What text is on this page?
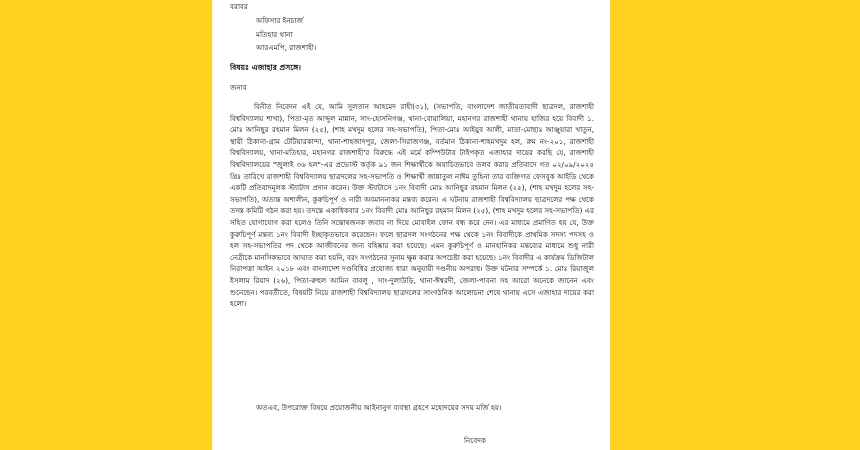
বরাবর
অফিসার ইনচার্জ
মতিহার থানা
আরএমপি, রাজশাহী।
বিষয়ঃ এজাহার প্রসঙ্গে।
জনাব
বিনীত নিবেদন এই যে, আমি সুলতান আহমেদ রাহী(৩১), (সভাপতি, বাংলাদেশ জাতীয়তাবাদী ছাত্রদল, রাজশাহী বিশ্ববিদ্যালয় শাখা), পিতা-মৃত আব্দুল মান্নান, সাং-হোসনিগঞ্জ, থানা-বোয়ালিয়া, মহানগর রাজশাহী থানায় হাজির হয়ে বিবাদী ১. মোঃ আনিছুর রহমান মিলন (২৫), (শাহ মখদুম হলের সহ-সভাপতি), পিতা-মোঃ আইয়ুব আলী, মাতা-মোছাঃ আঞ্জুয়ারা খাতুন, স্থায়ী ঠিকানা-গ্রাম টেটিয়ারকান্দা, থানা-শাহজাদপুর, জেলা-সিরাজগঞ্জ, বর্তমান ঠিকানা-শাহমখদুম হল, রুম নং-২০১, রাজশাহী বিশ্ববিদ্যালয়, থানা-মতিহার, মহানগর রাজশাহী'র বিরুদ্ধে এই মর্মে কম্পিউটার টাইপকৃত এজাহার দায়ের করছি যে, রাজশাহী বিশ্ববিদ্যালয়ের "জুলাই ৩৬ হল"-এর প্রভোস্ট কর্তৃক ৯১ জন শিক্ষার্থীকে অযাচিতভাবে তলব করার প্রতিবাদে গত ০২/০৯/২০২৫ খ্রিঃ তারিখে রাজশাহী বিশ্ববিদ্যালয় ছাত্রদলের সহ-সভাপতি ও শিক্ষার্থী জান্নাতুল নাঈম তুহিনা তার ব্যক্তিগত ফেসবুক আইডি থেকে একটি প্রতিবাদমূলক স্ট্যাটাস প্রদান করেন। উক্ত স্ট্যাটাসে ১নং বিবাদী মোঃ আনিছুর রহমান মিলন (২৫), (শাহ মখদুম হলের সহ-সভাপতি), অত্যন্ত অশালীন, কুরুচিপূর্ণ ও নারী অবমাননাকর মন্তব্য করেন। এ ঘটনায় রাজশাহী বিশ্ববিদ্যালয় ছাত্রদলের পক্ষ থেকে তদন্ত কমিটি গঠন করা হয়। তদন্তে একাধিকবার ১নং বিবাদী মোঃ আনিছুর রহমান মিলন (২৫), (শাহ মখদুম হলের সহ-সভাপতি) এর সহিত যোগাযোগ করা হলেও তিনি সন্তোষজনক জবাব না দিয়ে মোবাইল ফোন বন্ধ করে দেন। এর মাধ্যমে প্রমাণিত হয় যে, উক্ত কুরুচিপূর্ণ মন্তব্য ১নং বিবাদী ইচ্ছাকৃতভাবে করেছেন। ফলে ছাত্রদল সংগঠনের পক্ষ থেকে ১নং বিবাদীকে প্রাথমিক সদস্য পদসহ ও হল সহ-সভাপতির পদ থেকে আজীবনের জন্য বহিষ্কার করা হয়েছে। এমন কুরুচিপূর্ণ ও মানহানিকর মন্তব্যের মাধ্যমে শুধু নারী নেত্রীকে মানসিকভাবে আঘাত করা হয়নি, বরং সংগঠনের সুনাম ক্ষুন্ন করার অপচেষ্টা করা হয়েছে। ১নং বিবাদীর এ কার্যক্রম ডিজিটাল নিরাপত্তা আইন ২০১৮ এবং বাংলাদেশ দণ্ডবিধির প্রযোজ্য ধারা অনুযায়ী দণ্ডনীয় অপরাধ। উক্ত ঘটনার সম্পর্কে ১. মোঃ রিয়াজুল ইসলাম রিয়াদ (২৬), পিতা-রুহুল আমিন বাবলু , সাং-দুলাউড়ি, থানা-ঈশ্বরদী, জেলা-পাবনা সহ আরো অনেকে জানেন এবং শুনেছেন। পরবর্তীতে, বিষয়টি নিয়ে রাজশাহী বিশ্ববিদ্যালয় ছাত্রদলের সাংগঠনিক আলোচনা শেষে থানায় এসে এজাহার দায়ের করা হলো।
অতএব, উপরোক্ত বিষয়ে প্রয়োজনীয় আইনানুগ ব্যবস্থা গ্রহণে মহোদয়ের সদয় মর্জি হয়।
নিবেদক
